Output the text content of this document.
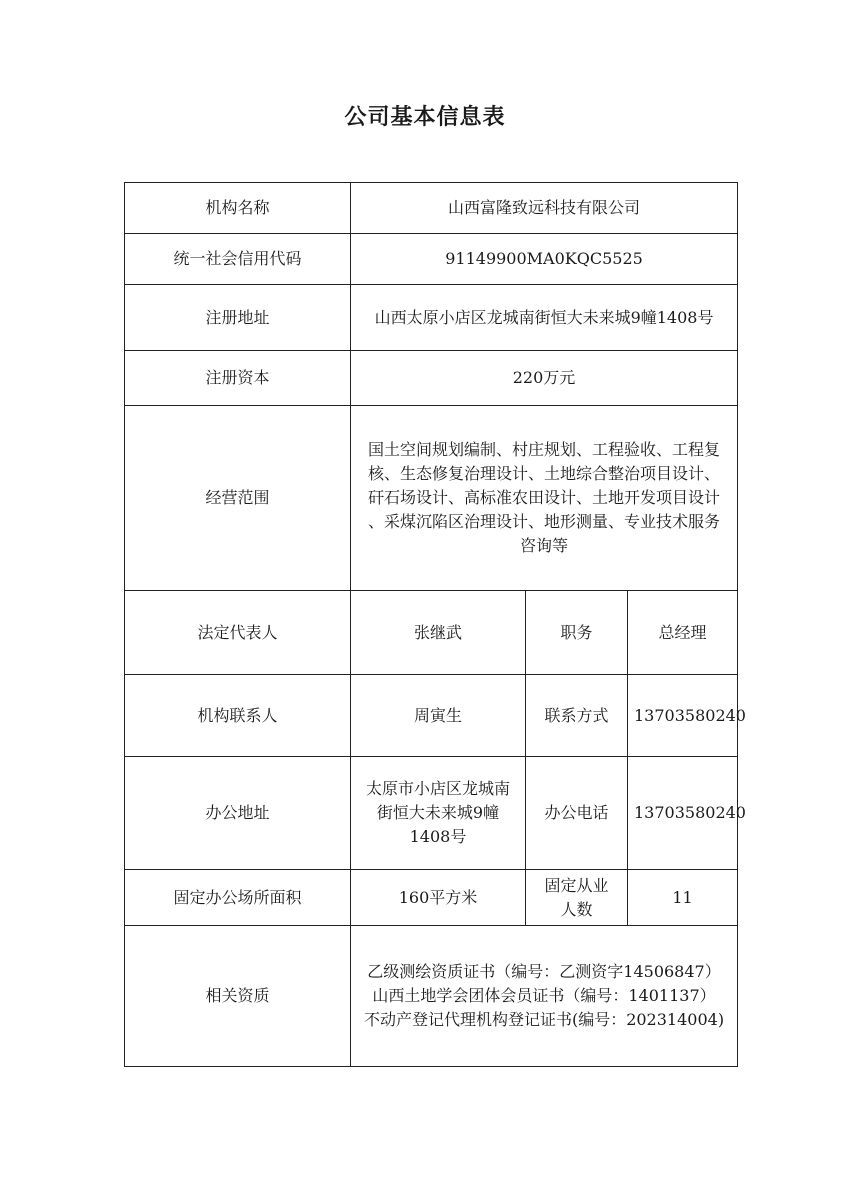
公司基本信息表
机构名称	山西富隆致远科技有限公司		
统一社会信用代码	91149900MA0KQC5525		
注册地址	山西太原小店区龙城南街恒大未来城9幢1408号		
注册资本	220万元		
经营范围	国土空间规划编制、村庄规划、工程验收、工程复
核、生态修复治理设计、土地综合整治项目设计、
矸石场设计、高标准农田设计、土地开发项目设计
、采煤沉陷区治理设计、地形测量、专业技术服务
咨询等		

法定代表人	张继武	职务	总经理
机构联系人	周寅生	联系方式	13703580240
办公地址	太原市小店区龙城南
街恒大未来城9幢
1408号	办公电话	13703580240
固定办公场所面积	160平方米	固定从业
人数	11
相关资质	乙级测绘资质证书（编号：乙测资字14506847）
山西土地学会团体会员证书（编号：1401137）
不动产登记代理机构登记证书(编号：202314004)		
